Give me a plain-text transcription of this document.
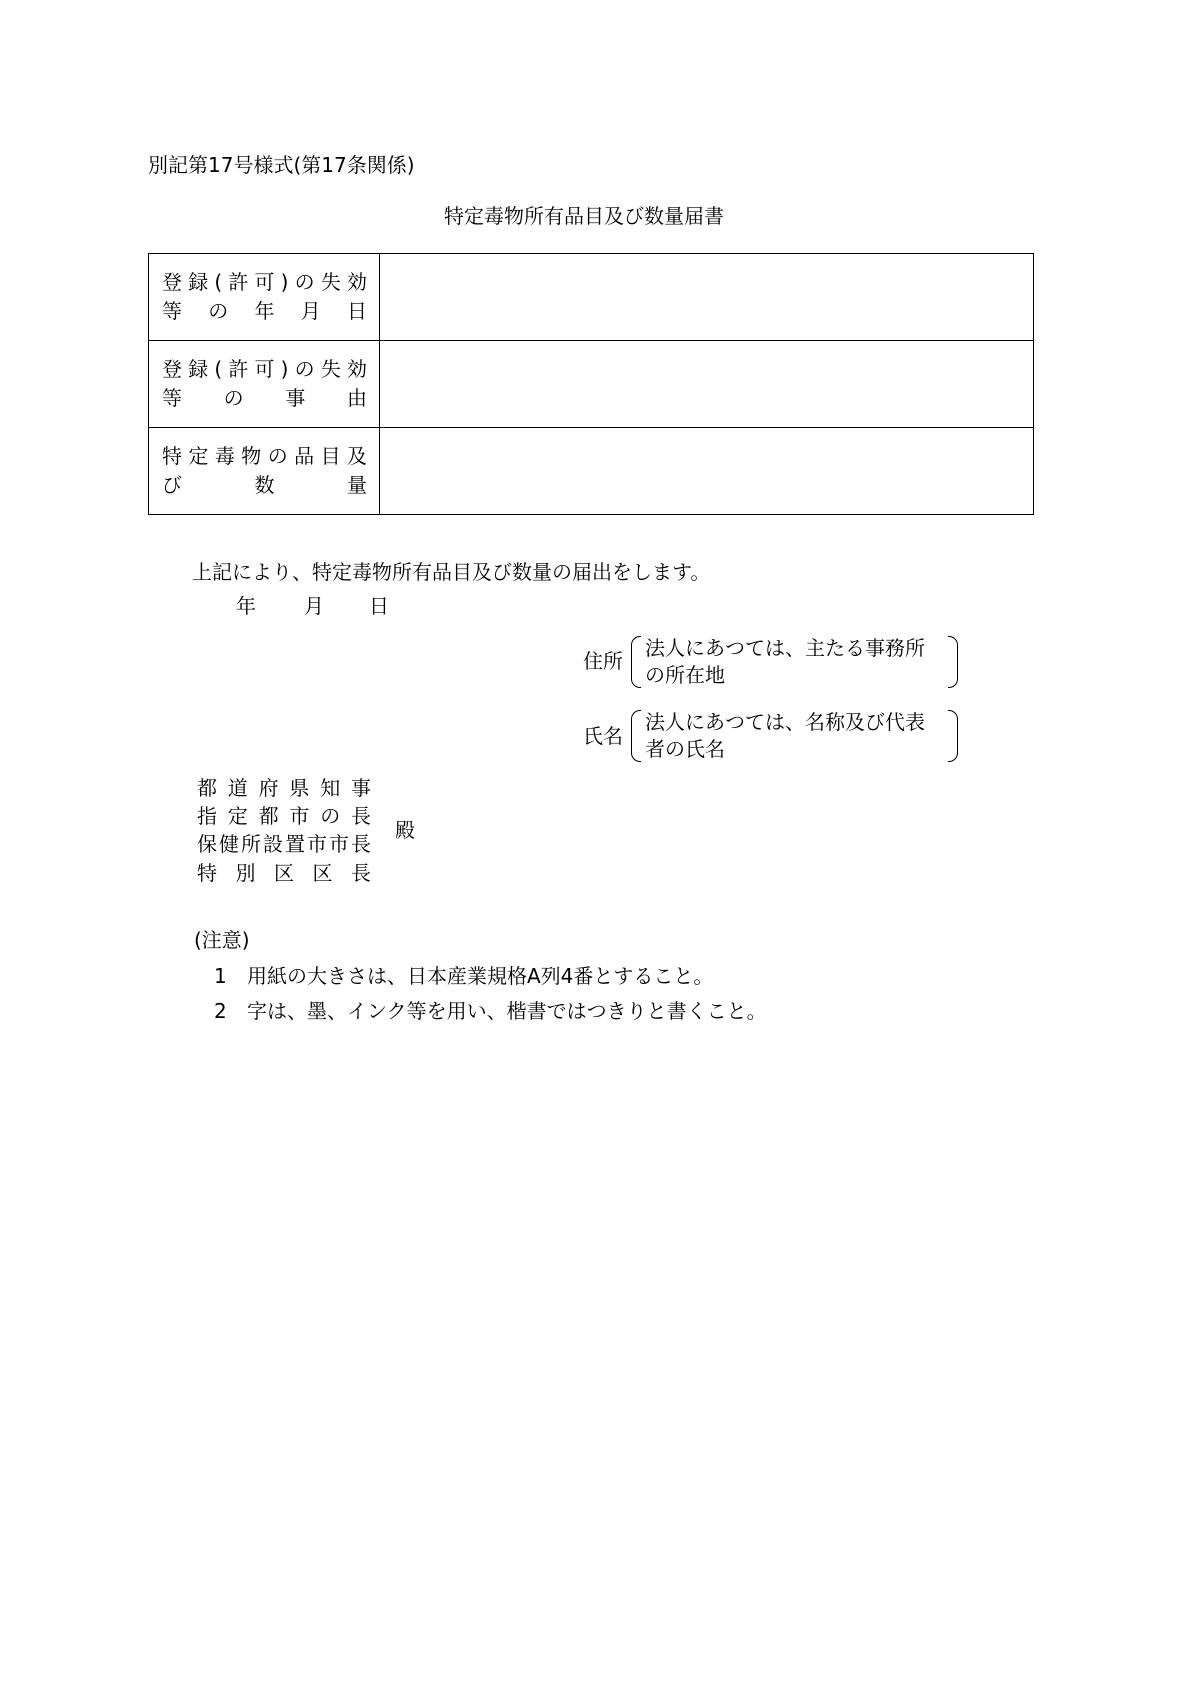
別記第17号様式(第17条関係)
特定毒物所有品目及び数量届書
登録(許可)の失効
等の年月日	

登録(許可)の失効
等の事由	

特定毒物の品目及
び数量	

上記により、特定毒物所有品目及び数量の届出をします。
年 月 日
住所
法人にあつては、主たる事務所
の所在地
氏名
法人にあつては、名称及び代表
者の氏名
都道府県知事
指定都市の長
保健所設置市市長
特別区区長
殿
(注意)
1 用紙の大きさは、日本産業規格A列4番とすること。
2 字は、墨、インク等を用い、楷書ではつきりと書くこと。
